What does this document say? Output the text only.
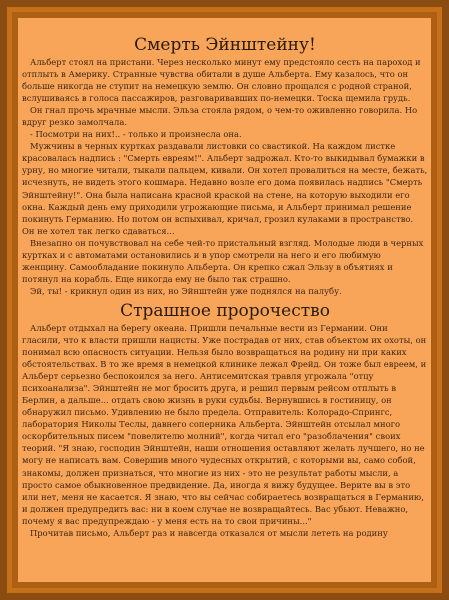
Смерть Эйнштейну!

Альберт стоял на пристани. Через несколько минут ему предстояло сесть на пароход и отплыть в Америку. Странные чувства обитали в душе Альберта. Ему казалось, что он больше никогда не ступит на немецкую землю. Он словно прощался с родной страной, вслушиваясь в голоса пассажиров, разговаривавших по-немецки. Тоска щемила грудь.

Он гнал прочь мрачные мысли. Эльза стояла рядом, о чем-то оживленно говорила. Но вдруг резко замолчала.

- Посмотри на них!.. - только и произнесла она.

Мужчины в черных куртках раздавали листовки со свастикой. На каждом листке красовалась надпись : "Смерть евреям!". Альберт задрожал. Кто-то выкидывал бумажки в урну, но многие читали, тыкали пальцем, кивали. Он хотел провалиться на месте, бежать, исчезнуть, не видеть этого кошмара. Недавно возле его дома появилась надпись "Смерть Эйнштейну!". Она была написана красной краской на стене, на которую выходили его окна. Каждый день ему приходили угрожающие письма, и Альберт принимал решение покинуть Германию. Но потом он вспыхивал, кричал, грозил кулаками в пространство. Он не хотел так легко сдаваться...

Внезапно он почувствовал на себе чей-то пристальный взгляд. Молодые люди в черных куртках и с автоматами остановились и в упор смотрели на него и его любимую женщину. Самообладание покинуло Альберта. Он крепко сжал Эльзу в объятиях и потянул на корабль. Еще никогда ему не было так страшно.

Эй, ты! - крикнул один из них, но Эйнштейн уже поднялся на палубу.

Страшное пророчество

Альберт отдыхал на берегу океана. Пришли печальные вести из Германии. Они гласили, что к власти пришли нацисты. Уже пострадав от них, став объектом их охоты, он понимал всю опасность ситуации. Нельзя было возвращаться на родину ни при каких обстоятельствах. В то же время в немецкой клинике лежал Фрейд. Он тоже был евреем, и Альберт серьезно беспокоился за него. Антисемитская травля угрожала "отцу психоанализа". Эйнштейн не мог бросить друга, и решил первым рейсом отплыть в Берлин, а дальше... отдать свою жизнь в руки судьбы. Вернувшись в гостиницу, он обнаружил письмо. Удивлению не было предела. Отправитель: Колорадо-Спрингс, лаборатория Николы Теслы, давнего соперника Альберта. Эйнштейн отсылал много оскорбительных писем "повелителю молний", когда читал его "разоблачения" своих теорий. "Я знаю, господин Эйнштейн, наши отношения оставляют желать лучшего, но не могу не написать вам. Совершив много чудесных открытий, с которыми вы, само собой, знакомы, должен признаться, что многие из них - это не результат работы мысли, а просто самое обыкновенное предвидение. Да, иногда я вижу будущее. Верите вы в это или нет, меня не касается. Я знаю, что вы сейчас собираетесь возвращаться в Германию, и должен предупредить вас: ни в коем случае не возвращайтесь. Вас убьют. Неважно, почему я вас предупреждаю - у меня есть на то свои причины..."

Прочитав письмо, Альберт раз и навсегда отказался от мысли лететь на родину
